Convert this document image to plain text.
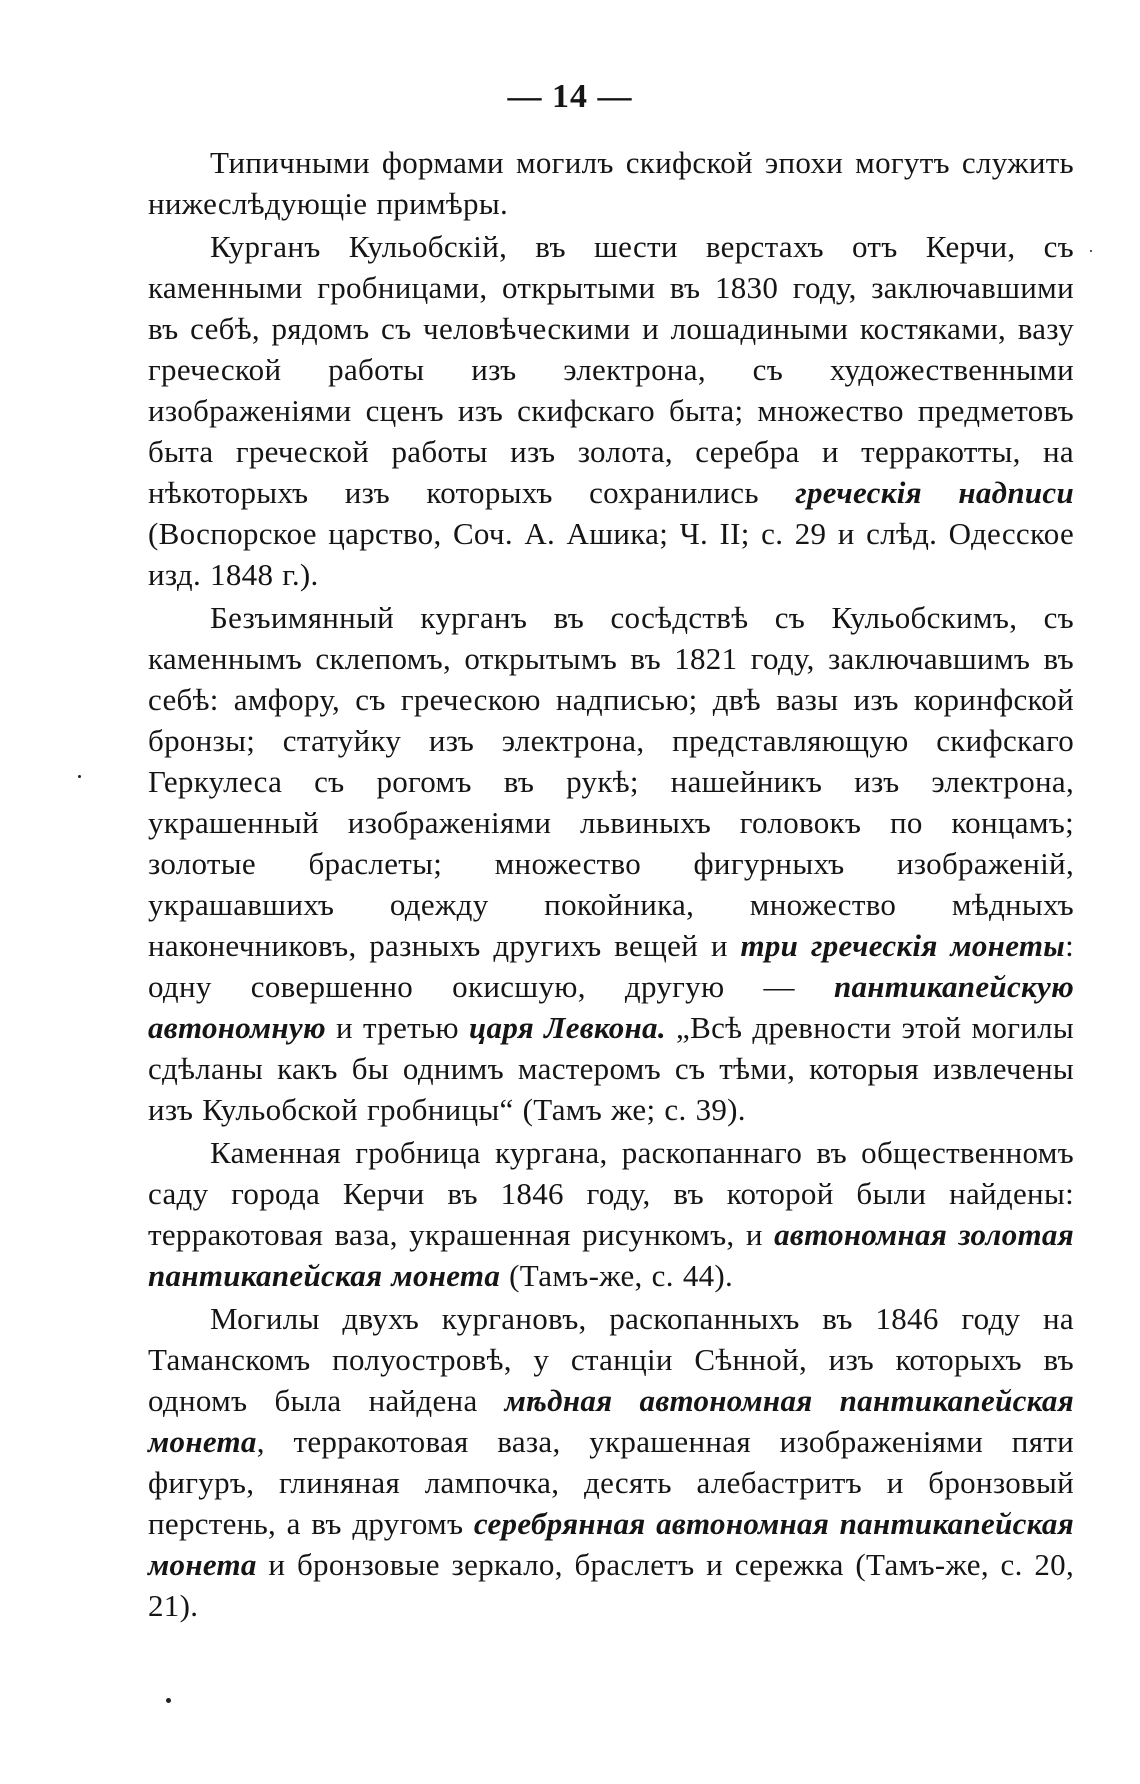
— 14 —

Типичными формами могилъ скифской эпохи могутъ служить нижеслѣдующіе примѣры.

Курганъ Кульобскій, въ шести верстахъ отъ Керчи, съ каменными гробницами, открытыми въ 1830 году, заключавшими въ себѣ, рядомъ съ человѣческими и лошадиными костяками, вазу греческой работы изъ электрона, съ художественными изображеніями сценъ изъ скифскаго быта; множество предметовъ быта греческой работы изъ золота, серебра и терракотты, на нѣкоторыхъ изъ которыхъ сохранились греческія надписи (Воспорское царство, Соч. А. Ашика; Ч. II; с. 29 и слѣд. Одесское изд. 1848 г.).

Безъимянный курганъ въ сосѣдствѣ съ Кульобскимъ, съ каменнымъ склепомъ, открытымъ въ 1821 году, заключавшимъ въ себѣ: амфору, съ греческою надписью; двѣ вазы изъ коринфской бронзы; статуйку изъ электрона, представляющую скифскаго Геркулеса съ рогомъ въ рукѣ; нашейникъ изъ электрона, украшенный изображеніями львиныхъ головокъ по концамъ; золотые браслеты; множество фигурныхъ изображеній, украшавшихъ одежду покойника, множество мѣдныхъ наконечниковъ, разныхъ другихъ вещей и три греческія монеты: одну совершенно окисшую, другую — пантикапейскую автономную и третью царя Левкона. „Всѣ древности этой могилы сдѣланы какъ бы однимъ мастеромъ съ тѣми, которыя извлечены изъ Кульобской гробницы“ (Тамъ же; с. 39).

Каменная гробница кургана, раскопаннаго въ общественномъ саду города Керчи въ 1846 году, въ которой были найдены: терракотовая ваза, украшенная рисункомъ, и автономная золотая пантикапейская монета (Тамъ-же, с. 44).

Могилы двухъ кургановъ, раскопанныхъ въ 1846 году на Таманскомъ полуостровѣ, у станціи Сѣнной, изъ которыхъ въ одномъ была найдена мѣдная автономная пантикапейская монета, терракотовая ваза, украшенная изображеніями пяти фигуръ, глиняная лампочка, десять алебастритъ и бронзовый перстень, а въ другомъ серебрянная автономная пантикапейская монета и бронзовые зеркало, браслетъ и сережка (Тамъ-же, с. 20, 21).
